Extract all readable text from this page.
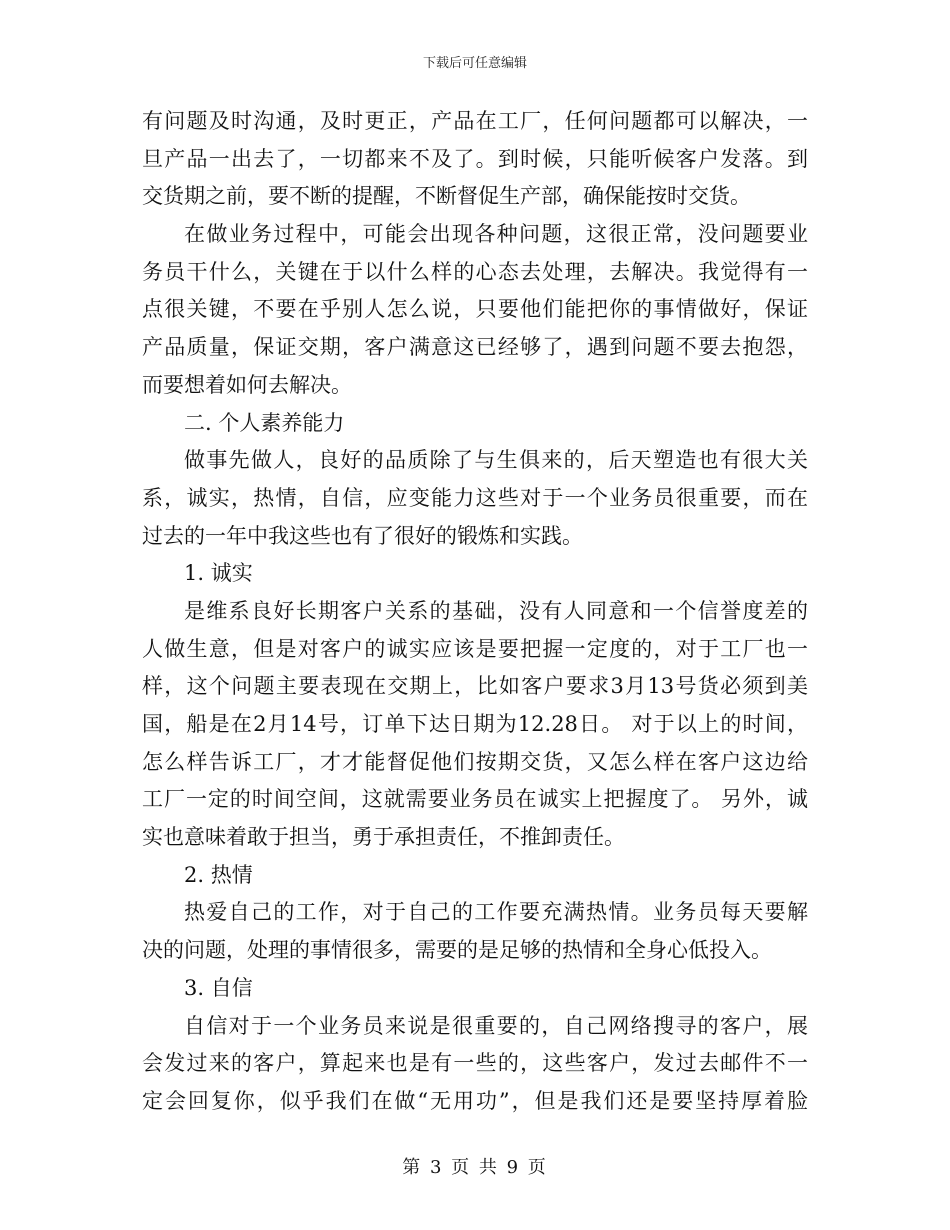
下载后可任意编辑
有问题及时沟通，及时更正，产品在工厂，任何问题都可以解决，一
旦产品一出去了，一切都来不及了。到时候，只能听候客户发落。到
交货期之前，要不断的提醒，不断督促生产部，确保能按时交货。
在做业务过程中，可能会出现各种问题，这很正常，没问题要业
务员干什么，关键在于以什么样的心态去处理，去解决。我觉得有一
点很关键，不要在乎别人怎么说，只要他们能把你的事情做好，保证
产品质量，保证交期，客户满意这已经够了，遇到问题不要去抱怨，
而要想着如何去解决。
二. 个人素养能力
做事先做人，良好的品质除了与生俱来的，后天塑造也有很大关
系，诚实，热情，自信，应变能力这些对于一个业务员很重要，而在
过去的一年中我这些也有了很好的锻炼和实践。
1. 诚实
是维系良好长期客户关系的基础，没有人同意和一个信誉度差的
人做生意，但是对客户的诚实应该是要把握一定度的，对于工厂也一
样，这个问题主要表现在交期上，比如客户要求3月13号货必须到美
国，船是在2月14号，订单下达日期为12.28日。 对于以上的时间，
怎么样告诉工厂，才才能督促他们按期交货，又怎么样在客户这边给
工厂一定的时间空间，这就需要业务员在诚实上把握度了。 另外，诚
实也意味着敢于担当，勇于承担责任，不推卸责任。
2. 热情
热爱自己的工作，对于自己的工作要充满热情。业务员每天要解
决的问题，处理的事情很多，需要的是足够的热情和全身心低投入。
3. 自信
自信对于一个业务员来说是很重要的，自己网络搜寻的客户，展
会发过来的客户，算起来也是有一些的，这些客户，发过去邮件不一
定会回复你，似乎我们在做“无用功”，但是我们还是要坚持厚着脸
第 3 页 共 9 页
